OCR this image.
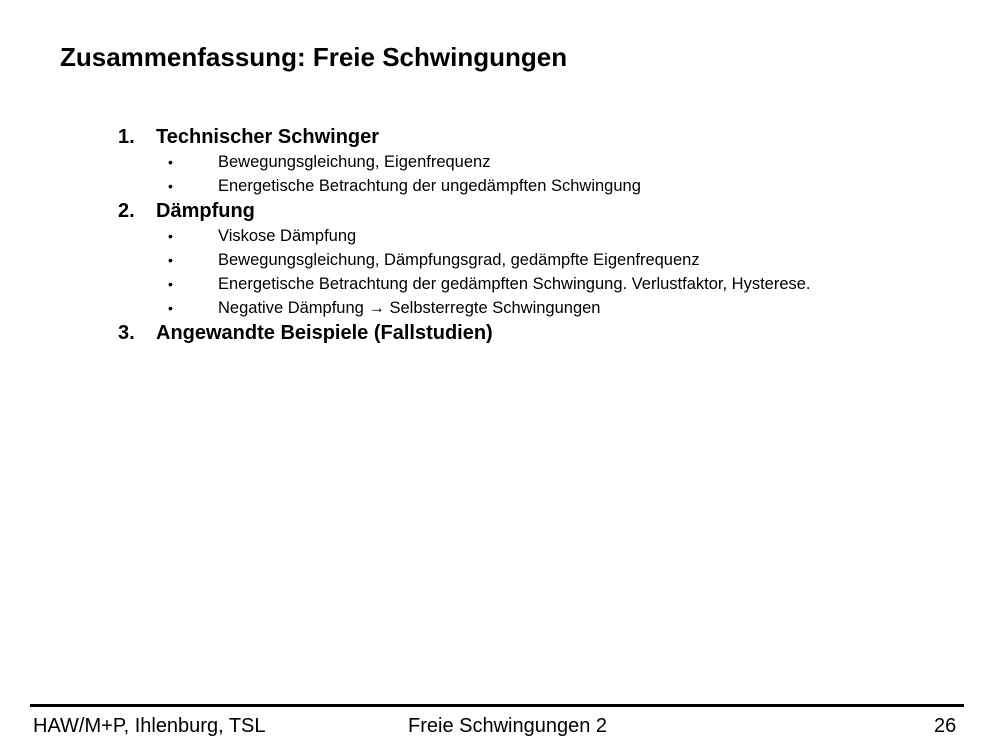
Zusammenfassung: Freie Schwingungen
1.	Technischer Schwinger
•	Bewegungsgleichung, Eigenfrequenz
•	Energetische Betrachtung der ungedämpften Schwingung
2.	Dämpfung
•	Viskose Dämpfung
•	Bewegungsgleichung, Dämpfungsgrad, gedämpfte Eigenfrequenz
•	Energetische Betrachtung der gedämpften Schwingung. Verlustfaktor, Hysterese.
•	Negative Dämpfung → Selbsterregte Schwingungen
3.	Angewandte Beispiele (Fallstudien)
HAW/M+P, Ihlenburg, TSL	Freie Schwingungen 2	26
